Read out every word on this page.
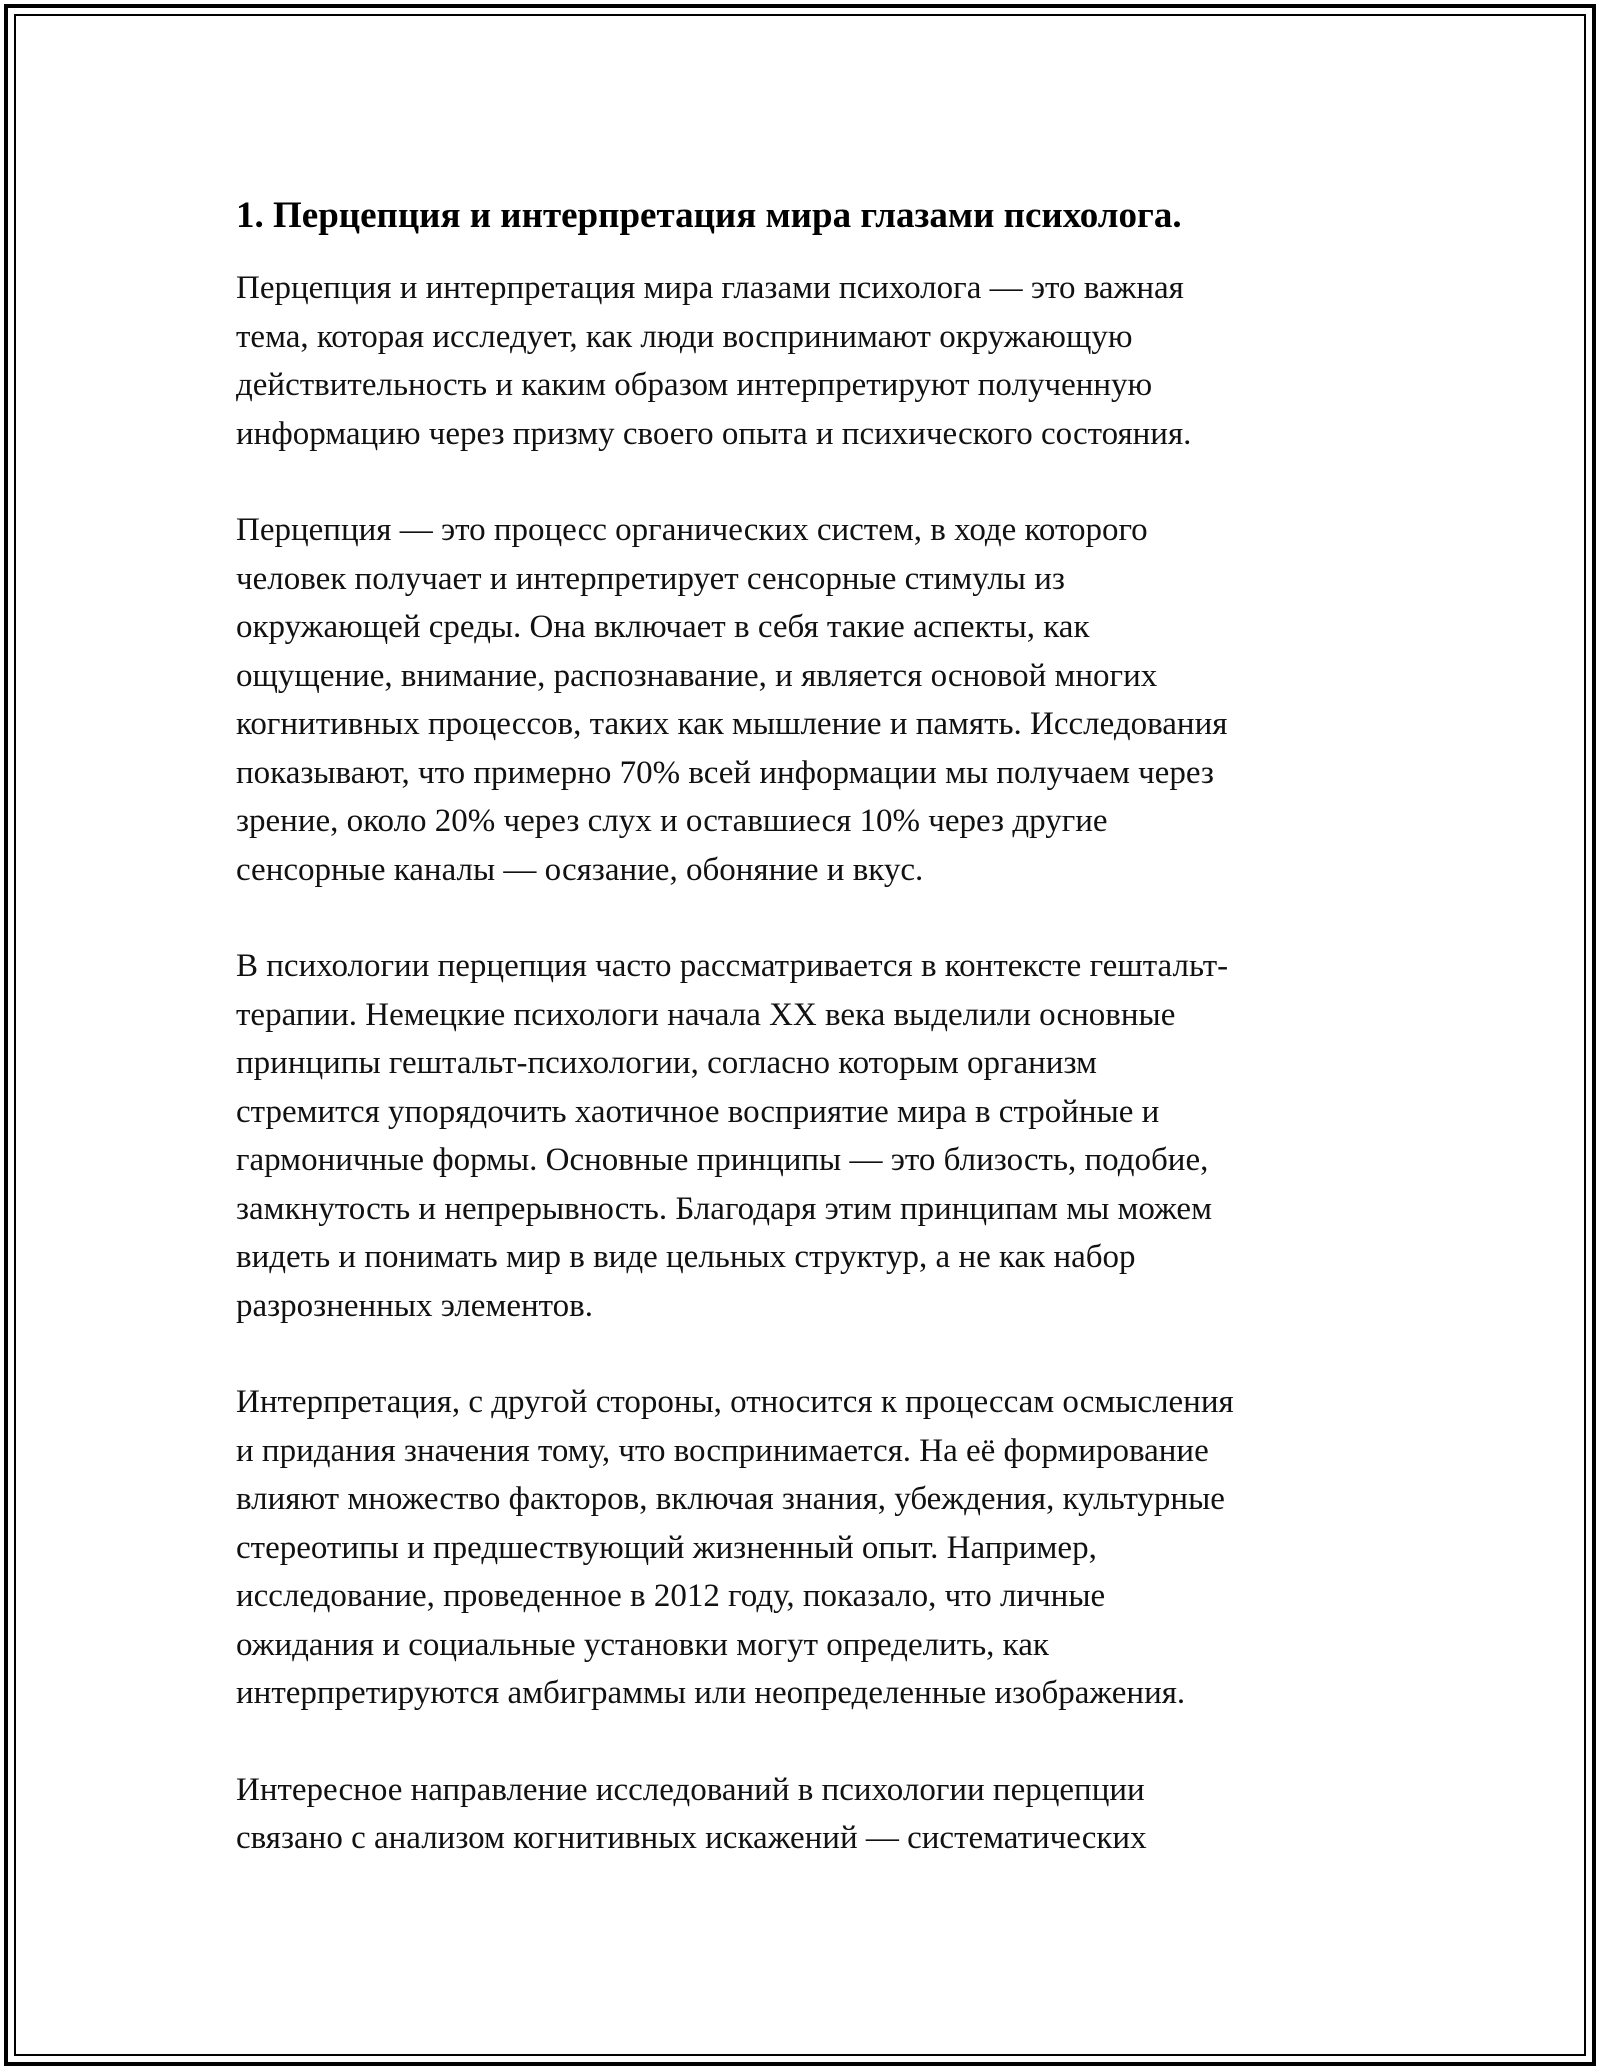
1. Перцепция и интерпретация мира глазами психолога.

Перцепция и интерпретация мира глазами психолога — это важная
тема, которая исследует, как люди воспринимают окружающую
действительность и каким образом интерпретируют полученную
информацию через призму своего опыта и психического состояния.

Перцепция — это процесс органических систем, в ходе которого
человек получает и интерпретирует сенсорные стимулы из
окружающей среды. Она включает в себя такие аспекты, как
ощущение, внимание, распознавание, и является основой многих
когнитивных процессов, таких как мышление и память. Исследования
показывают, что примерно 70% всей информации мы получаем через
зрение, около 20% через слух и оставшиеся 10% через другие
сенсорные каналы — осязание, обоняние и вкус.

В психологии перцепция часто рассматривается в контексте гештальт-
терапии. Немецкие психологи начала XX века выделили основные
принципы гештальт-психологии, согласно которым организм
стремится упорядочить хаотичное восприятие мира в стройные и
гармоничные формы. Основные принципы — это близость, подобие,
замкнутость и непрерывность. Благодаря этим принципам мы можем
видеть и понимать мир в виде цельных структур, а не как набор
разрозненных элементов.

Интерпретация, с другой стороны, относится к процессам осмысления
и придания значения тому, что воспринимается. На её формирование
влияют множество факторов, включая знания, убеждения, культурные
стереотипы и предшествующий жизненный опыт. Например,
исследование, проведенное в 2012 году, показало, что личные
ожидания и социальные установки могут определить, как
интерпретируются амбиграммы или неопределенные изображения.

Интересное направление исследований в психологии перцепции
связано с анализом когнитивных искажений — систематических
